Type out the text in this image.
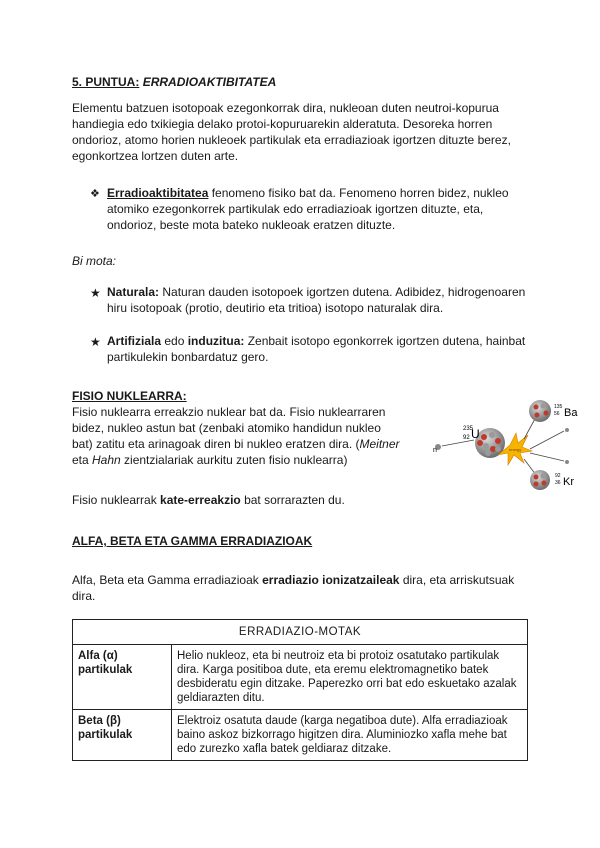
5. PUNTUA: ERRADIOAKTIBITATEA

Elementu batzuen isotopoak ezegonkorrak dira, nukleoan duten neutroi-kopurua handiegia edo txikiegia delako protoi-kopuruarekin alderatuta. Desoreka horren ondorioz, atomo horien nukleoek partikulak eta erradiazioak igortzen dituzte berez, egonkortzea lortzen duten arte.

❖ Erradioaktibitatea fenomeno fisiko bat da. Fenomeno horren bidez, nukleo atomiko ezegonkorrek partikulak edo erradiazioak igortzen dituzte, eta, ondorioz, beste mota bateko nukleoak eratzen dituzte.

Bi mota:

★ Naturala: Naturan dauden isotopoek igortzen dutena. Adibidez, hidrogenoaren hiru isotopoak (protio, deutirio eta tritioa) isotopo naturalak dira.

★ Artifiziala edo induzitua: Zenbait isotopo egonkorrek igortzen dutena, hainbat partikulekin bonbardatuz gero.

FISIO NUKLEARRA:

Fisio nuklearra erreakzio nuklear bat da. Fisio nuklearraren bidez, nukleo astun bat (zenbaki atomiko handidun nukleo bat) zatitu eta arinagoak diren bi nukleo eratzen dira. (Meitner eta Hahn zientzialariak aurkitu zuten fisio nuklearra)

n
235
92 U
energy
135
56 Ba
92
36 Kr

Fisio nuklearrak kate-erreakzio bat sorrarazten du.

ALFA, BETA ETA GAMMA ERRADIAZIOAK

Alfa, Beta eta Gamma erradiazioak erradiazio ionizatzaileak dira, eta arriskutsuak dira.

ERRADIAZIO-MOTAK	
Alfa (α) partikulak	Helio nukleoz, eta bi neutroiz eta bi protoiz osatutako partikulak dira. Karga positiboa dute, eta eremu elektromagnetiko batek desbideratu egin ditzake. Paperezko orri bat edo eskuetako azalak geldiarazten ditu.
Beta (β) partikulak	Elektroiz osatuta daude (karga negatiboa dute). Alfa erradiazioak baino askoz bizkorrago higitzen dira. Aluminiozko xafla mehe bat edo zurezko xafla batek geldiaraz ditzake.
